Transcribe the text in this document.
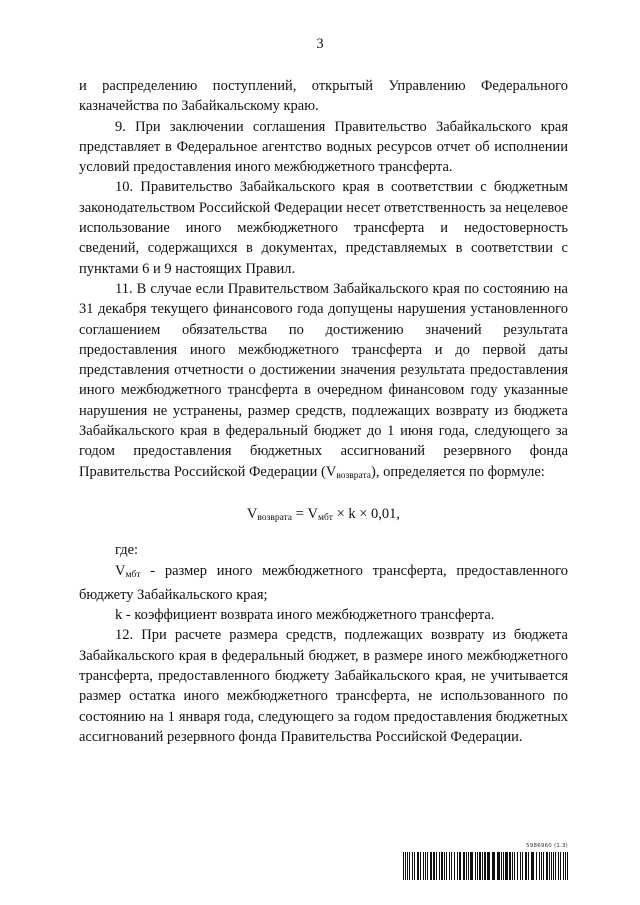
3

и распределению поступлений, открытый Управлению Федерального казначейства по Забайкальскому краю.

9. При заключении соглашения Правительство Забайкальского края представляет в Федеральное агентство водных ресурсов отчет об исполнении условий предоставления иного межбюджетного трансферта.

10. Правительство Забайкальского края в соответствии с бюджетным законодательством Российской Федерации несет ответственность за нецелевое использование иного межбюджетного трансферта и недостоверность сведений, содержащихся в документах, представляемых в соответствии с пунктами 6 и 9 настоящих Правил.

11. В случае если Правительством Забайкальского края по состоянию на 31 декабря текущего финансового года допущены нарушения установленного соглашением обязательства по достижению значений результата предоставления иного межбюджетного трансферта и до первой даты представления отчетности о достижении значения результата предоставления иного межбюджетного трансферта в очередном финансовом году указанные нарушения не устранены, размер средств, подлежащих возврату из бюджета Забайкальского края в федеральный бюджет до 1 июня года, следующего за годом предоставления бюджетных ассигнований резервного фонда Правительства Российской Федерации $(V_{возврата})$, определяется по формуле:

$V_{возврата} = V_{мбт} \times k \times 0,01$,

где:

$V_{мбт}$ - размер иного межбюджетного трансферта, предоставленного бюджету Забайкальского края;

k - коэффициент возврата иного межбюджетного трансферта.

12. При расчете размера средств, подлежащих возврату из бюджета Забайкальского края в федеральный бюджет, в размере иного межбюджетного трансферта, предоставленного бюджету Забайкальского края, не учитывается размер остатка иного межбюджетного трансферта, не использованного по состоянию на 1 января года, следующего за годом предоставления бюджетных ассигнований резервного фонда Правительства Российской Федерации.

5986960 (1.3)
